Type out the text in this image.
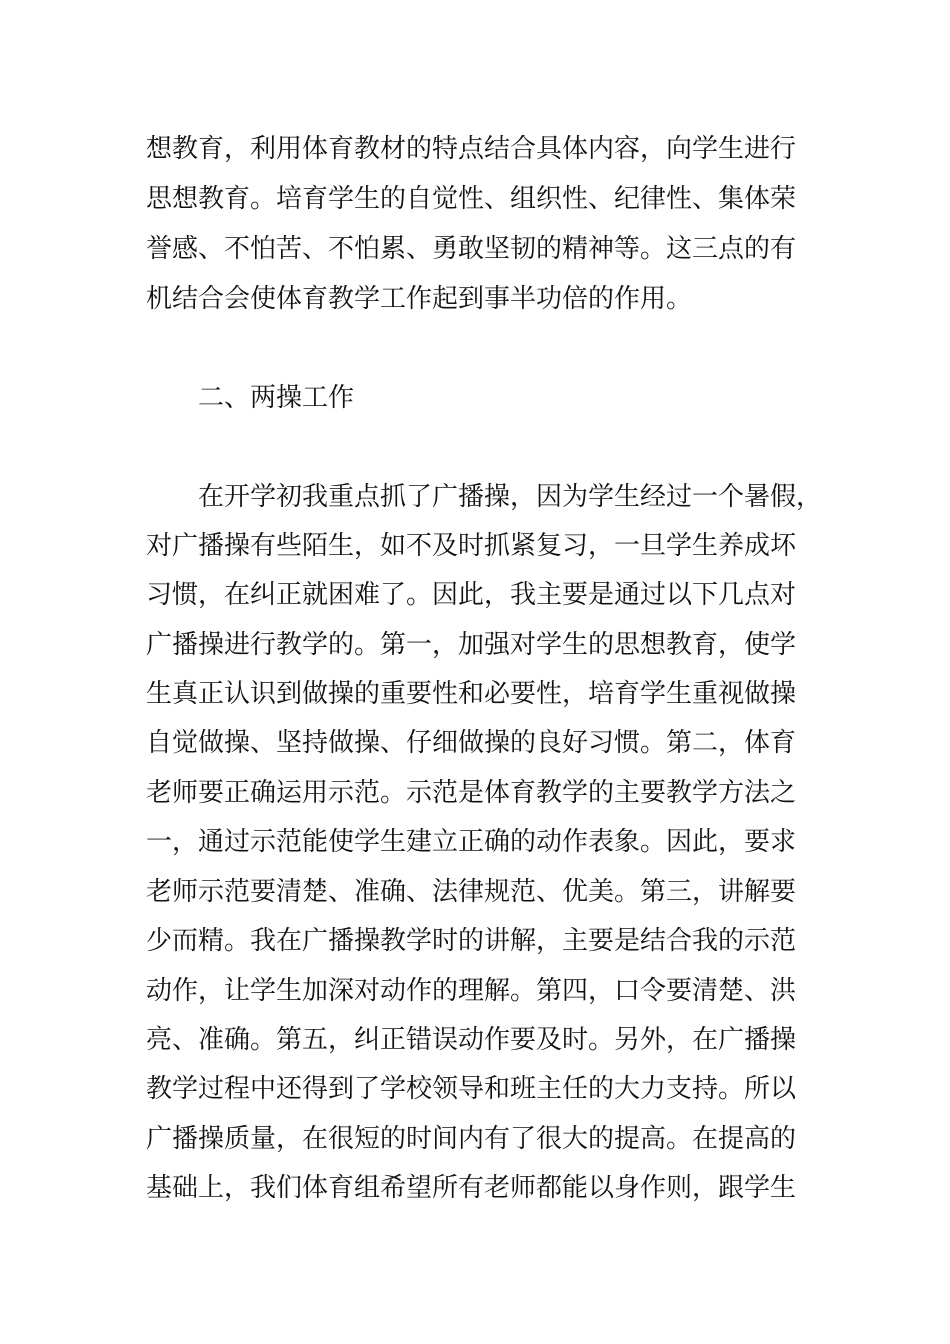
想教育，利用体育教材的特点结合具体内容，向学生进行
思想教育。培育学生的自觉性、组织性、纪律性、集体荣
誉感、不怕苦、不怕累、勇敢坚韧的精神等。这三点的有
机结合会使体育教学工作起到事半功倍的作用。
二、两操工作
在开学初我重点抓了广播操，因为学生经过一个暑假，
对广播操有些陌生，如不及时抓紧复习，一旦学生养成坏
习惯，在纠正就困难了。因此，我主要是通过以下几点对
广播操进行教学的。第一，加强对学生的思想教育，使学
生真正认识到做操的重要性和必要性，培育学生重视做操
自觉做操、坚持做操、仔细做操的良好习惯。第二，体育
老师要正确运用示范。示范是体育教学的主要教学方法之
一，通过示范能使学生建立正确的动作表象。因此，要求
老师示范要清楚、准确、法律规范、优美。第三，讲解要
少而精。我在广播操教学时的讲解，主要是结合我的示范
动作，让学生加深对动作的理解。第四，口令要清楚、洪
亮、准确。第五，纠正错误动作要及时。另外，在广播操
教学过程中还得到了学校领导和班主任的大力支持。所以
广播操质量，在很短的时间内有了很大的提高。在提高的
基础上，我们体育组希望所有老师都能以身作则，跟学生
